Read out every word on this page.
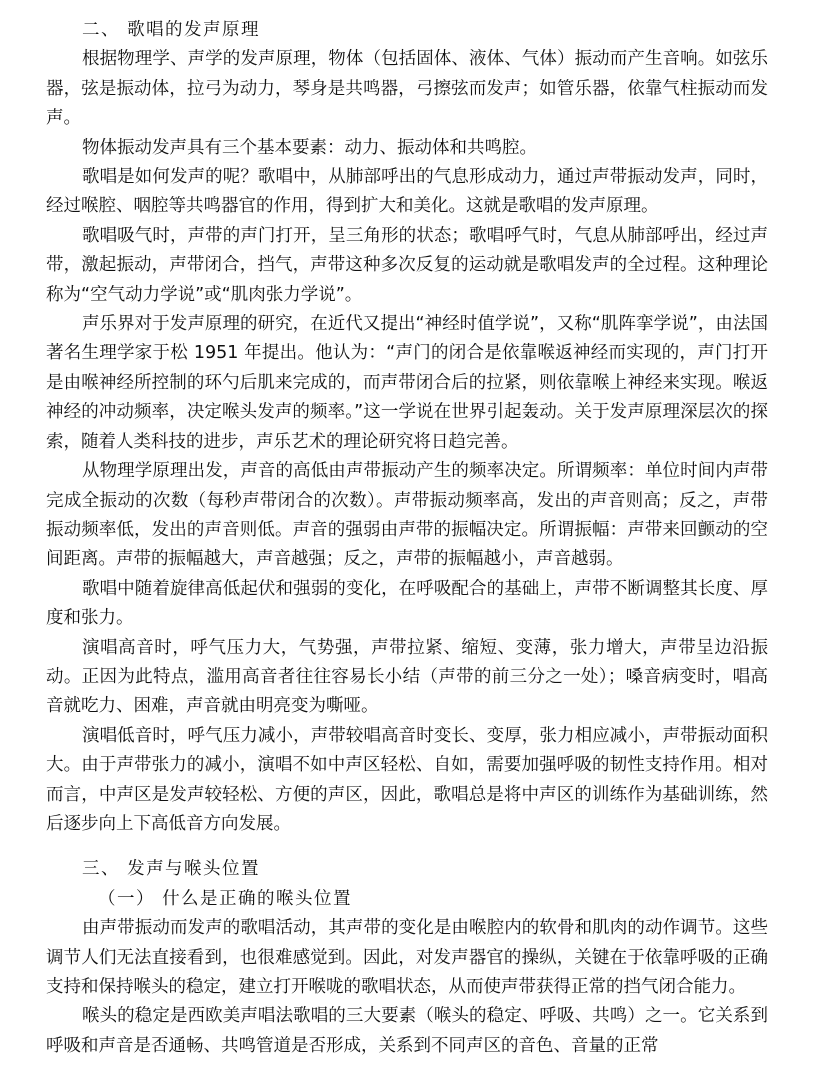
二、 歌唱的发声原理

根据物理学、声学的发声原理，物体（包括固体、液体、气体）振动而产生音响。如弦乐器，弦是振动体，拉弓为动力，琴身是共鸣器，弓擦弦而发声；如管乐器，依靠气柱振动而发声。

物体振动发声具有三个基本要素：动力、振动体和共鸣腔。

歌唱是如何发声的呢？歌唱中，从肺部呼出的气息形成动力，通过声带振动发声，同时，经过喉腔、咽腔等共鸣器官的作用，得到扩大和美化。这就是歌唱的发声原理。

歌唱吸气时，声带的声门打开，呈三角形的状态；歌唱呼气时，气息从肺部呼出，经过声带，激起振动，声带闭合，挡气，声带这种多次反复的运动就是歌唱发声的全过程。这种理论称为“空气动力学说”或“肌肉张力学说”。

声乐界对于发声原理的研究，在近代又提出“神经时值学说”，又称“肌阵挛学说”，由法国著名生理学家于松 1951 年提出。他认为：“声门的闭合是依靠喉返神经而实现的，声门打开是由喉神经所控制的环勺后肌来完成的，而声带闭合后的拉紧，则依靠喉上神经来实现。喉返神经的冲动频率，决定喉头发声的频率。”这一学说在世界引起轰动。关于发声原理深层次的探索，随着人类科技的进步，声乐艺术的理论研究将日趋完善。

从物理学原理出发，声音的高低由声带振动产生的频率决定。所谓频率：单位时间内声带完成全振动的次数（每秒声带闭合的次数）。声带振动频率高，发出的声音则高；反之，声带振动频率低，发出的声音则低。声音的强弱由声带的振幅决定。所谓振幅：声带来回颤动的空间距离。声带的振幅越大，声音越强；反之，声带的振幅越小，声音越弱。

歌唱中随着旋律高低起伏和强弱的变化，在呼吸配合的基础上，声带不断调整其长度、厚度和张力。

演唱高音时，呼气压力大，气势强，声带拉紧、缩短、变薄，张力增大，声带呈边沿振动。正因为此特点，滥用高音者往往容易长小结（声带的前三分之一处）；嗓音病变时，唱高音就吃力、困难，声音就由明亮变为嘶哑。

演唱低音时，呼气压力减小，声带较唱高音时变长、变厚，张力相应减小，声带振动面积大。由于声带张力的减小，演唱不如中声区轻松、自如，需要加强呼吸的韧性支持作用。相对而言，中声区是发声较轻松、方便的声区，因此，歌唱总是将中声区的训练作为基础训练，然后逐步向上下高低音方向发展。

三、 发声与喉头位置

（一） 什么是正确的喉头位置

由声带振动而发声的歌唱活动，其声带的变化是由喉腔内的软骨和肌肉的动作调节。这些调节人们无法直接看到，也很难感觉到。因此，对发声器官的操纵，关键在于依靠呼吸的正确支持和保持喉头的稳定，建立打开喉咙的歌唱状态，从而使声带获得正常的挡气闭合能力。

喉头的稳定是西欧美声唱法歌唱的三大要素（喉头的稳定、呼吸、共鸣）之一。它关系到呼吸和声音是否通畅、共鸣管道是否形成，关系到不同声区的音色、音量的正常
